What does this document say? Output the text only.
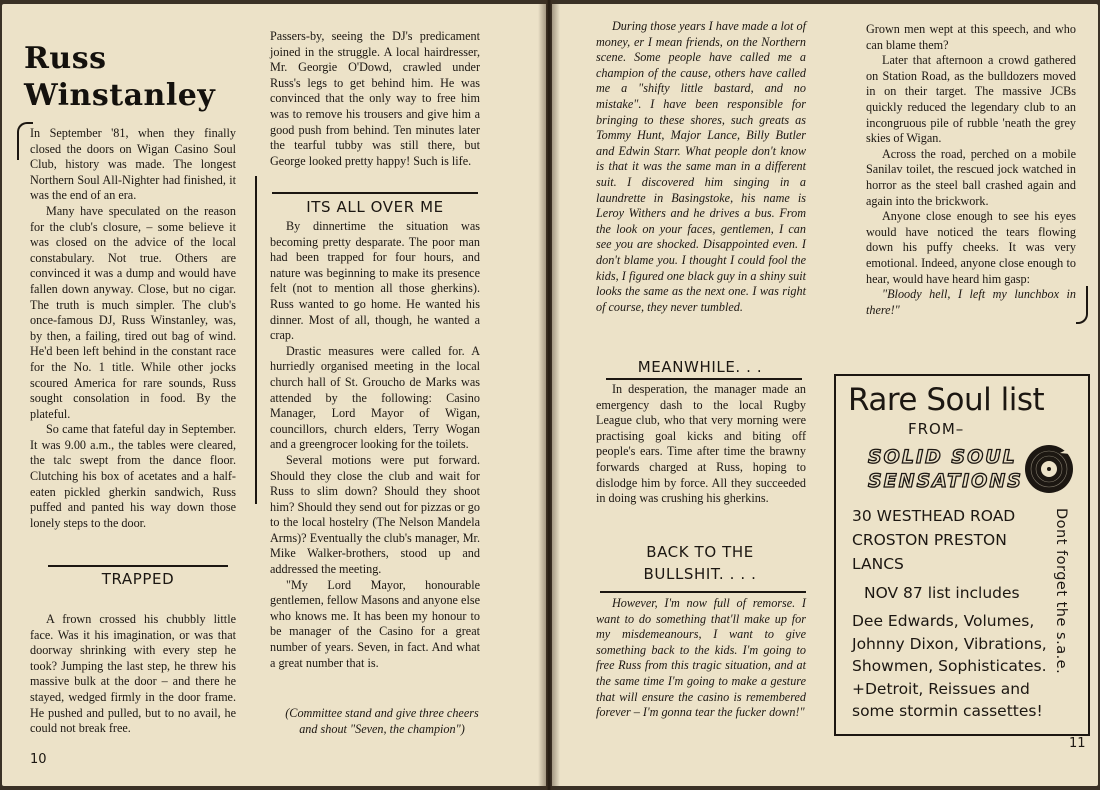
Russ
Winstanley

In September '81, when they finally closed the doors on Wigan Casino Soul Club, history was made. The longest Northern Soul All-Nighter had finished, it was the end of an era.

Many have speculated on the reason for the club's closure, – some believe it was closed on the advice of the local constabulary. Not true. Others are convinced it was a dump and would have fallen down anyway. Close, but no cigar. The truth is much simpler. The club's once-famous DJ, Russ Winstanley, was, by then, a failing, tired out bag of wind. He'd been left behind in the constant race for the No. 1 title. While other jocks scoured America for rare sounds, Russ sought consolation in food. By the plateful.

So came that fateful day in September. It was 9.00 a.m., the tables were cleared, the talc swept from the dance floor. Clutching his box of acetates and a half-eaten pickled gherkin sandwich, Russ puffed and panted his way down those lonely steps to the door.

TRAPPED

A frown crossed his chubbly little face. Was it his imagination, or was that doorway shrinking with every step he took? Jumping the last step, he threw his massive bulk at the door – and there he stayed, wedged firmly in the door frame. He pushed and pulled, but to no avail, he could not break free.

10

Passers-by, seeing the DJ's predicament joined in the struggle. A local hairdresser, Mr. Georgie O'Dowd, crawled under Russ's legs to get behind him. He was convinced that the only way to free him was to remove his trousers and give him a good push from behind. Ten minutes later the tearful tubby was still there, but George looked pretty happy! Such is life.

ITS ALL OVER ME

By dinnertime the situation was becoming pretty desparate. The poor man had been trapped for four hours, and nature was beginning to make its presence felt (not to mention all those gherkins). Russ wanted to go home. He wanted his dinner. Most of all, though, he wanted a crap.

Drastic measures were called for. A hurriedly organised meeting in the local church hall of St. Groucho de Marks was attended by the following: Casino Manager, Lord Mayor of Wigan, councillors, church elders, Terry Wogan and a greengrocer looking for the toilets.

Several motions were put forward. Should they close the club and wait for Russ to slim down? Should they shoot him? Should they send out for pizzas or go to the local hostelry (The Nelson Mandela Arms)? Eventually the club's manager, Mr. Mike Walker-brothers, stood up and addressed the meeting.

"My Lord Mayor, honourable gentlemen, fellow Masons and anyone else who knows me. It has been my honour to be manager of the Casino for a great number of years. Seven, in fact. And what a great number that is.

(Committee stand and give three cheers and shout "Seven, the champion")

During those years I have made a lot of money, er I mean friends, on the Northern scene. Some people have called me a champion of the cause, others have called me a "shifty little bastard, and no mistake". I have been responsible for bringing to these shores, such greats as Tommy Hunt, Major Lance, Billy Butler and Edwin Starr. What people don't know is that it was the same man in a different suit. I discovered him singing in a laundrette in Basingstoke, his name is Leroy Withers and he drives a bus. From the look on your faces, gentlemen, I can see you are shocked. Disappointed even. I don't blame you. I thought I could fool the kids, I figured one black guy in a shiny suit looks the same as the next one. I was right of course, they never tumbled.

MEANWHILE. . .

In desperation, the manager made an emergency dash to the local Rugby League club, who that very morning were practising goal kicks and biting off people's ears. Time after time the brawny forwards charged at Russ, hoping to dislodge him by force. All they succeeded in doing was crushing his gherkins.

BACK TO THE
BULLSHIT. . . .

However, I'm now full of remorse. I want to do something that'll make up for my misdemeanours, I want to give something back to the kids. I'm going to free Russ from this tragic situation, and at the same time I'm going to make a gesture that will ensure the casino is remembered forever – I'm gonna tear the fucker down!"

Grown men wept at this speech, and who can blame them?

Later that afternoon a crowd gathered on Station Road, as the bulldozers moved in on their target. The massive JCBs quickly reduced the legendary club to an incongruous pile of rubble 'neath the grey skies of Wigan.

Across the road, perched on a mobile Sanilav toilet, the rescued jock watched in horror as the steel ball crashed again and again into the brickwork.

Anyone close enough to see his eyes would have noticed the tears flowing down his puffy cheeks. It was very emotional. Indeed, anyone close enough to hear, would have heard him gasp:

"Bloody hell, I left my lunchbox in there!"

Rare Soul list
FROM–
SOLID SOUL
SENSATIONS
30 WESTHEAD ROAD
CROSTON PRESTON
LANCS
NOV 87 list includes
Dee Edwards, Volumes,
Johnny Dixon, Vibrations,
Showmen, Sophisticates.
+Detroit, Reissues and
some stormin cassettes!
Dont forget the s.a.e.
11
